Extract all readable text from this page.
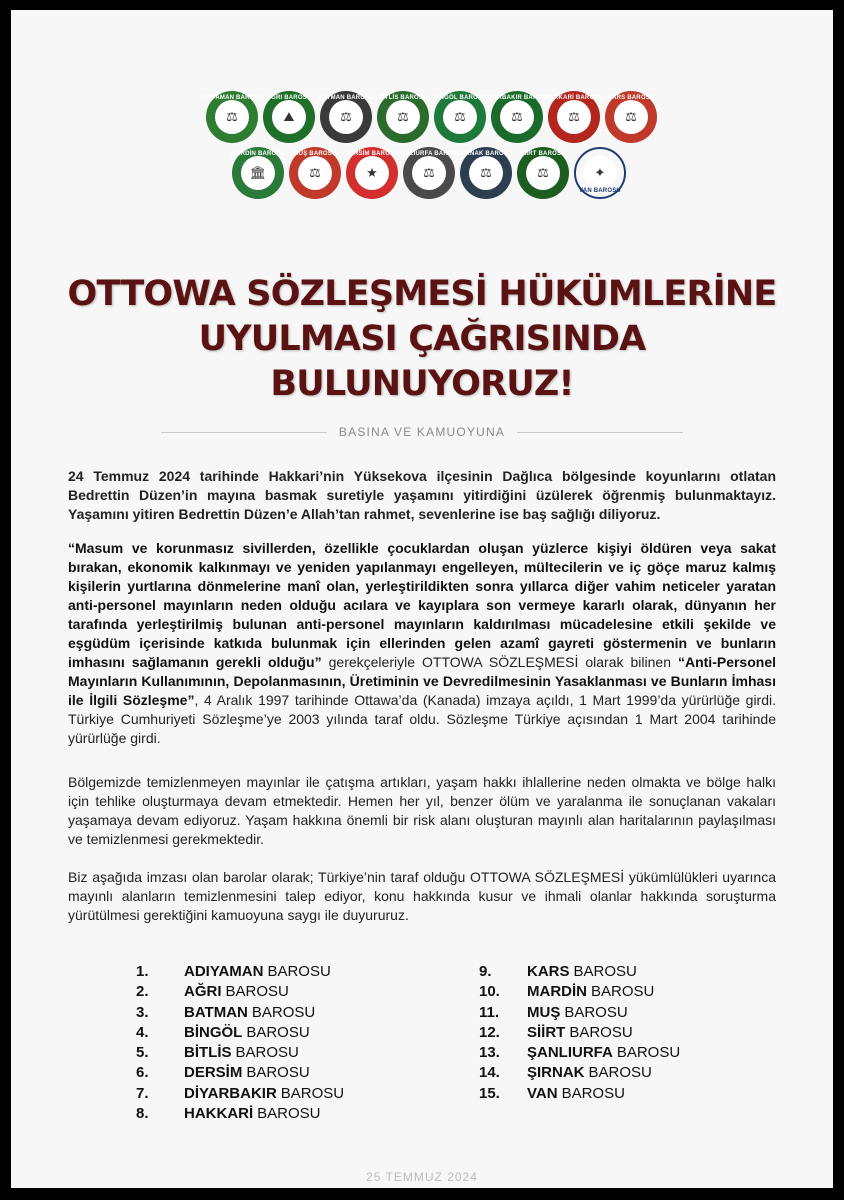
⚖
ADIYAMAN BAROSU
⛰
AĞRI BAROSU
⚖
BATMAN BAROSU
⚖
BİTLİS BAROSU
⚖
BİNGÖL BAROSU
⚖
DİYARBAKIR BAROSU
⚖
HAKKARİ BAROSU
⚖
KARS BAROSU
🏛
MARDİN BAROSU
⚖
MUŞ BAROSU
★
DERSİM BAROSU
⚖
ŞANLIURFA BAROSU
⚖
ŞIRNAK BAROSU
⚖
SİİRT BAROSU
✦
VAN BAROSU
OTTOWA SÖZLEŞMESİ HÜKÜMLERİNE
UYULMASI ÇAĞRISINDA
BULUNUYORUZ!
BASINA VE KAMUOYUNA

24 Temmuz 2024 tarihinde Hakkari’nin Yüksekova ilçesinin Dağlıca bölgesinde koyunlarını otlatan Bedrettin Düzen’in mayına basmak suretiyle yaşamını yitirdiğini üzülerek öğrenmiş bulunmaktayız. Yaşamını yitiren Bedrettin Düzen’e Allah’tan rahmet, sevenlerine ise baş sağlığı diliyoruz.

“Masum ve korunmasız sivillerden, özellikle çocuklardan oluşan yüzlerce kişiyi öldüren veya sakat bırakan, ekonomik kalkınmayı ve yeniden yapılanmayı engelleyen, mültecilerin ve iç göçe maruz kalmış kişilerin yurtlarına dönmelerine manî olan, yerleştirildikten sonra yıllarca diğer vahim neticeler yaratan anti-personel mayınların neden olduğu acılara ve kayıplara son vermeye kararlı olarak, dünyanın her tarafında yerleştirilmiş bulunan anti-personel mayınların kaldırılması mücadelesine etkili şekilde ve eşgüdüm içerisinde katkıda bulunmak için ellerinden gelen azamî gayreti göstermenin ve bunların imhasını sağlamanın gerekli olduğu” gerekçeleriyle OTTOWA SÖZLEŞMESİ olarak bilinen “Anti-Personel Mayınların Kullanımının, Depolanmasının, Üretiminin ve Devredilmesinin Yasaklanması ve Bunların İmhası ile İlgili Sözleşme”, 4 Aralık 1997 tarihinde Ottawa’da (Kanada) imzaya açıldı, 1 Mart 1999’da yürürlüğe girdi. Türkiye Cumhuriyeti Sözleşme’ye 2003 yılında taraf oldu. Sözleşme Türkiye açısından 1 Mart 2004 tarihinde yürürlüğe girdi.

Bölgemizde temizlenmeyen mayınlar ile çatışma artıkları, yaşam hakkı ihlallerine neden olmakta ve bölge halkı için tehlike oluşturmaya devam etmektedir. Hemen her yıl, benzer ölüm ve yaralanma ile sonuçlanan vakaları yaşamaya devam ediyoruz. Yaşam hakkına önemli bir risk alanı oluşturan mayınlı alan haritalarının paylaşılması ve temizlenmesi gerekmektedir.

Biz aşağıda imzası olan barolar olarak; Türkiye’nin taraf olduğu OTTOWA SÖZLEŞMESİ yükümlülükleri uyarınca mayınlı alanların temizlenmesini talep ediyor, konu hakkında kusur ve ihmali olanlar hakkında soruşturma yürütülmesi gerektiğini kamuoyuna saygı ile duyururuz.

1.	ADIYAMAN BAROSU
2.	AĞRI BAROSU
3.	BATMAN BAROSU
4.	BİNGÖL BAROSU
5.	BİTLİS BAROSU
6.	DERSİM BAROSU
7.	DİYARBAKIR BAROSU
8.	HAKKARİ BAROSU
9.	KARS BAROSU
10.	MARDİN BAROSU
11.	MUŞ BAROSU
12.	SİİRT BAROSU
13.	ŞANLIURFA BAROSU
14.	ŞIRNAK BAROSU
15.	VAN BAROSU
25 TEMMUZ 2024
